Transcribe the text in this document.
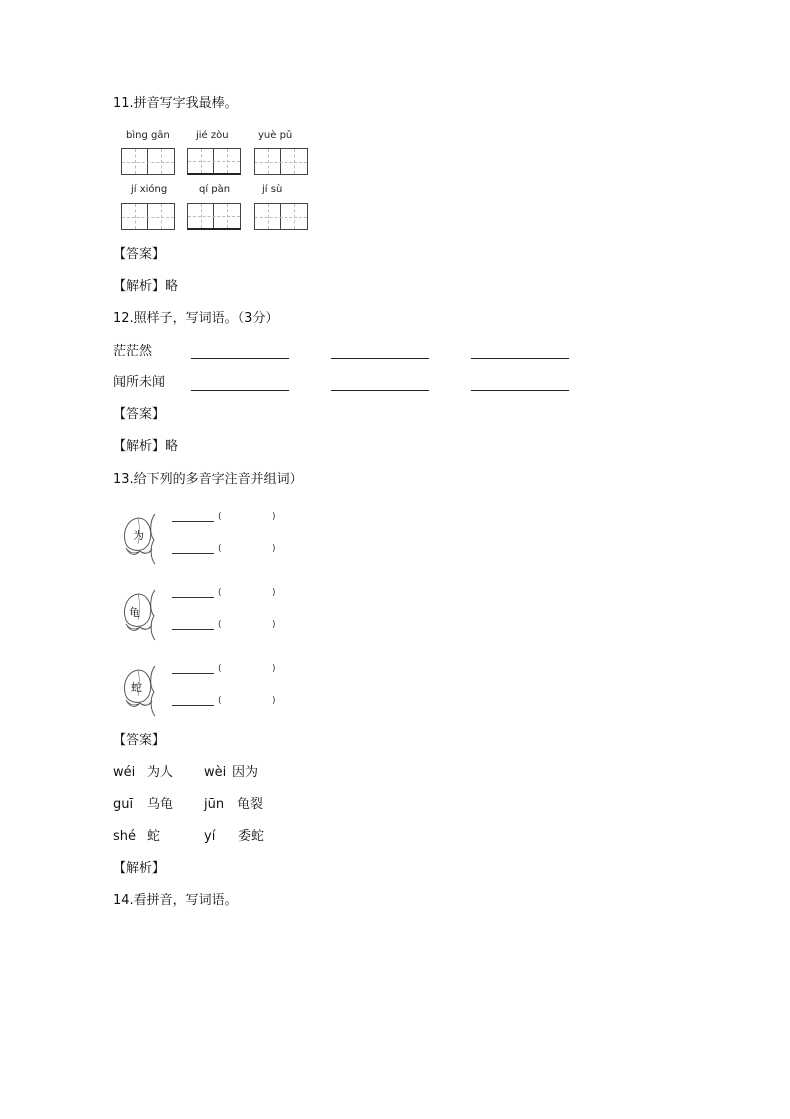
11.拼音写字我最棒。
bìng gān	jié zòu	yuè pǔ
jí xióng	qí pàn	jí sù
【答案】
【解析】略
12.照样子，写词语。（3分）
茫茫然
闻所未闻
【答案】
【解析】略
13.给下列的多音字注音并组词）
为
(	)
(	)
龟
(	)
(	)
蛇
(	)
(	)
【答案】
wéi 为人 wèi 因为
guī 乌龟 jūn 龟裂
shé 蛇	yí 委蛇
【解析】
14.看拼音，写词语。
